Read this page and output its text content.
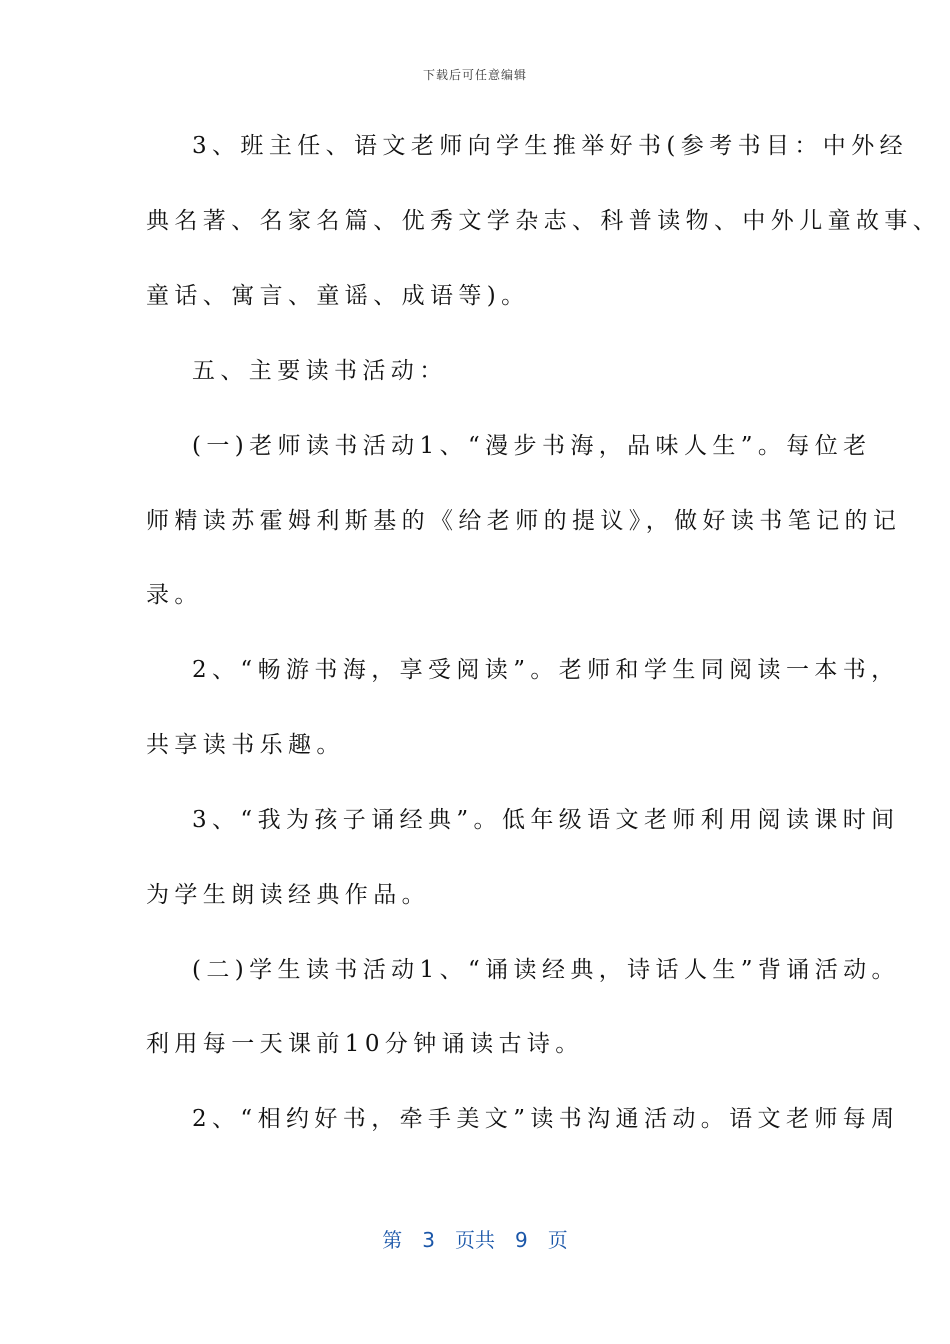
下载后可任意编辑
3、班主任、语文老师向学生推举好书(参考书目：中外经
典名著、名家名篇、优秀文学杂志、科普读物、中外儿童故事、
童话、寓言、童谣、成语等)。
五、主要读书活动：
(一)老师读书活动1、“漫步书海，品味人生”。每位老
师精读苏霍姆利斯基的《给老师的提议》，做好读书笔记的记
录。
2、“畅游书海，享受阅读”。老师和学生同阅读一本书，
共享读书乐趣。
3、“我为孩子诵经典”。低年级语文老师利用阅读课时间
为学生朗读经典作品。
(二)学生读书活动1、“诵读经典，诗话人生”背诵活动。
利用每一天课前10分钟诵读古诗。
2、“相约好书，牵手美文”读书沟通活动。语文老师每周
第 3 页共 9 页
